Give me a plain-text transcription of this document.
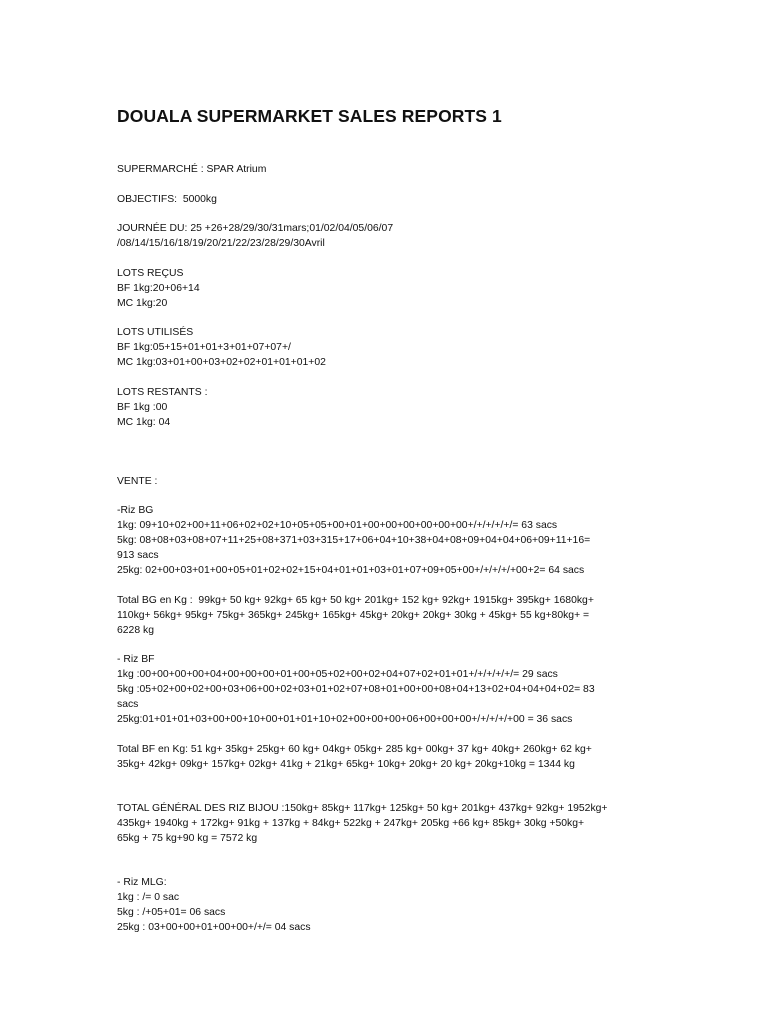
DOUALA SUPERMARKET SALES REPORTS 1
SUPERMARCHÉ : SPAR Atrium
OBJECTIFS:  5000kg
JOURNÉE DU: 25 +26+28/29/30/31mars;01/02/04/05/06/07
/08/14/15/16/18/19/20/21/22/23/28/29/30Avril
LOTS REÇUS
BF 1kg:20+06+14
MC 1kg:20
LOTS UTILISÉS
BF 1kg:05+15+01+01+3+01+07+07+/
MC 1kg:03+01+00+03+02+02+01+01+01+02
LOTS RESTANTS :
BF 1kg :00
MC 1kg: 04
VENTE :
-Riz BG
1kg: 09+10+02+00+11+06+02+02+10+05+05+00+01+00+00+00+00+00+00+/+/+/+/+/= 63 sacs
5kg: 08+08+03+08+07+11+25+08+371+03+315+17+06+04+10+38+04+08+09+04+04+06+09+11+16=
913 sacs
25kg: 02+00+03+01+00+05+01+02+02+15+04+01+01+03+01+07+09+05+00+/+/+/+/+00+2= 64 sacs
Total BG en Kg :  99kg+ 50 kg+ 92kg+ 65 kg+ 50 kg+ 201kg+ 152 kg+ 92kg+ 1915kg+ 395kg+ 1680kg+
110kg+ 56kg+ 95kg+ 75kg+ 365kg+ 245kg+ 165kg+ 45kg+ 20kg+ 20kg+ 30kg + 45kg+ 55 kg+80kg+ =
6228 kg
- Riz BF
1kg :00+00+00+00+04+00+00+00+01+00+05+02+00+02+04+07+02+01+01+/+/+/+/+/= 29 sacs
5kg :05+02+00+02+00+03+06+00+02+03+01+02+07+08+01+00+00+08+04+13+02+04+04+04+02= 83
sacs
25kg:01+01+01+03+00+00+10+00+01+01+10+02+00+00+00+06+00+00+00+/+/+/+/+00 = 36 sacs
Total BF en Kg: 51 kg+ 35kg+ 25kg+ 60 kg+ 04kg+ 05kg+ 285 kg+ 00kg+ 37 kg+ 40kg+ 260kg+ 62 kg+
35kg+ 42kg+ 09kg+ 157kg+ 02kg+ 41kg + 21kg+ 65kg+ 10kg+ 20kg+ 20 kg+ 20kg+10kg = 1344 kg
TOTAL GÉNÉRAL DES RIZ BIJOU :150kg+ 85kg+ 117kg+ 125kg+ 50 kg+ 201kg+ 437kg+ 92kg+ 1952kg+
435kg+ 1940kg + 172kg+ 91kg + 137kg + 84kg+ 522kg + 247kg+ 205kg +66 kg+ 85kg+ 30kg +50kg+
65kg + 75 kg+90 kg = 7572 kg
- Riz MLG:
1kg : /= 0 sac
5kg : /+05+01= 06 sacs
25kg : 03+00+00+01+00+00+/+/= 04 sacs
